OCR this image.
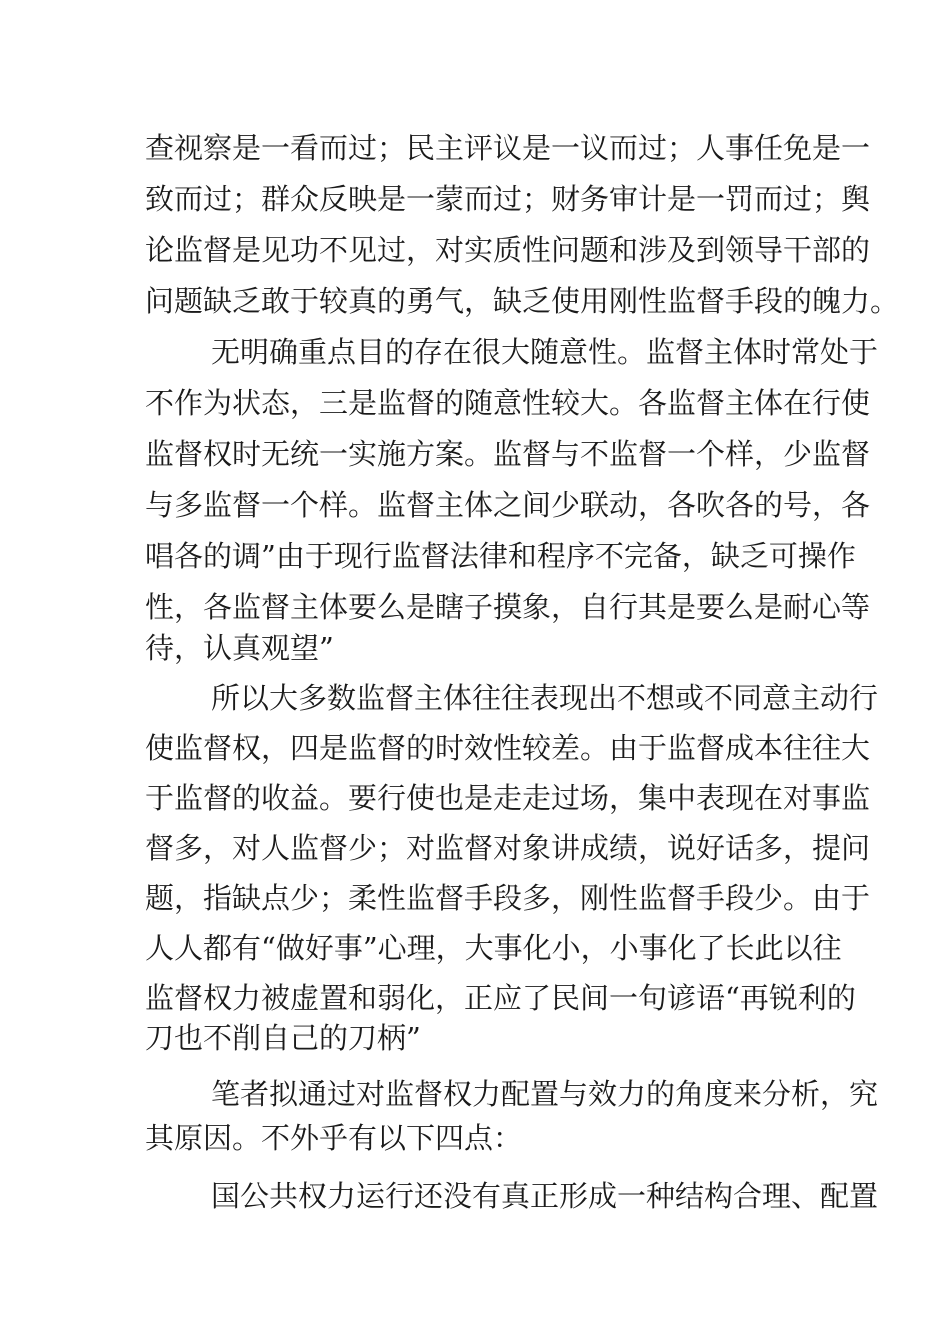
查视察是一看而过；民主评议是一议而过；人事任免是一
致而过；群众反映是一蒙而过；财务审计是一罚而过；舆
论监督是见功不见过，对实质性问题和涉及到领导干部的
问题缺乏敢于较真的勇气，缺乏使用刚性监督手段的魄力。
无明确重点目的存在很大随意性。监督主体时常处于
不作为状态，三是监督的随意性较大。各监督主体在行使
监督权时无统一实施方案。监督与不监督一个样，少监督
与多监督一个样。监督主体之间少联动，各吹各的号，各
唱各的调”由于现行监督法律和程序不完备，缺乏可操作
性，各监督主体要么是瞎子摸象，自行其是要么是耐心等
待，认真观望”
所以大多数监督主体往往表现出不想或不同意主动行
使监督权，四是监督的时效性较差。由于监督成本往往大
于监督的收益。要行使也是走走过场，集中表现在对事监
督多，对人监督少；对监督对象讲成绩，说好话多，提问
题，指缺点少；柔性监督手段多，刚性监督手段少。由于
人人都有“做好事”心理，大事化小，小事化了长此以往
监督权力被虚置和弱化，正应了民间一句谚语“再锐利的
刀也不削自己的刀柄”
笔者拟通过对监督权力配置与效力的角度来分析，究
其原因。不外乎有以下四点：
国公共权力运行还没有真正形成一种结构合理、配置
